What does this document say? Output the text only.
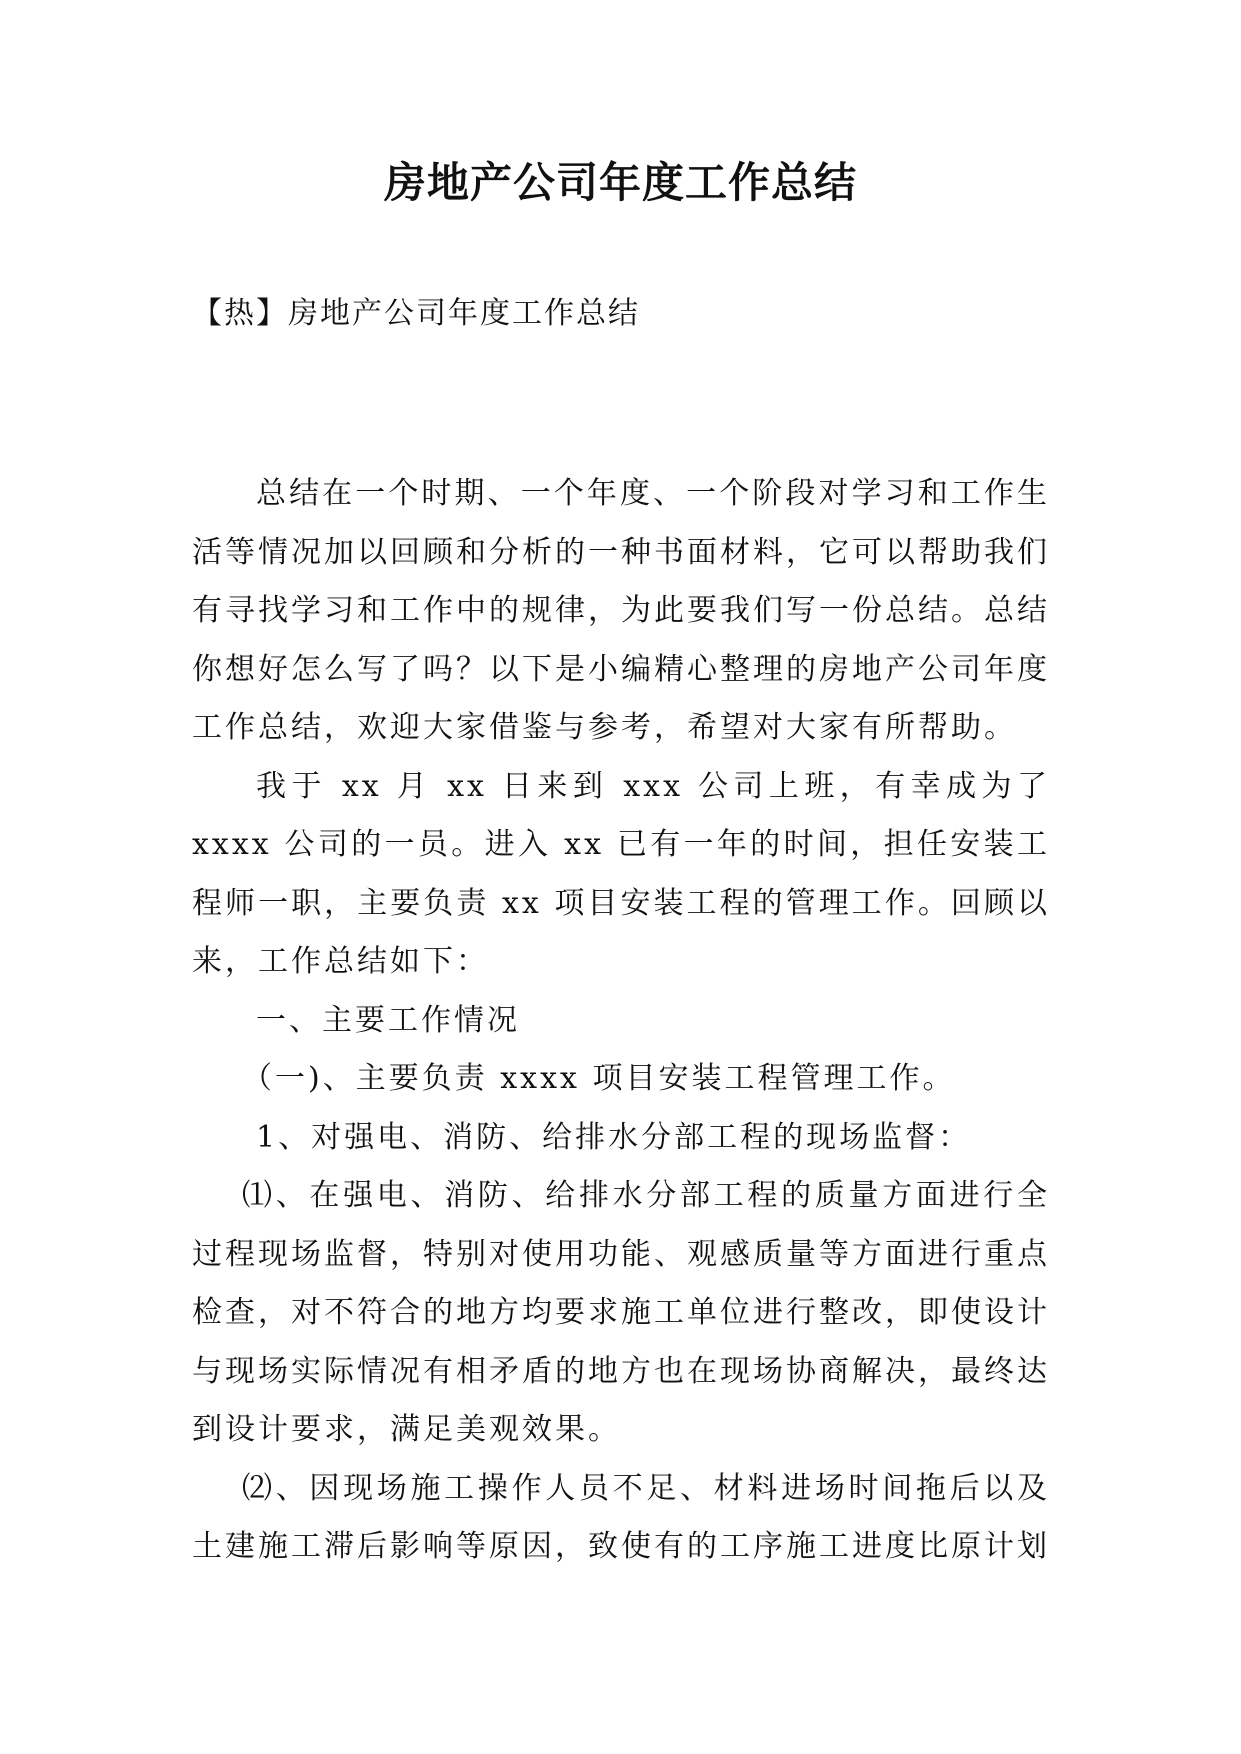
房地产公司年度工作总结
【热】房地产公司年度工作总结

总结在一个时期、一个年度、一个阶段对学习和工作生活等情况加以回顾和分析的一种书面材料，它可以帮助我们有寻找学习和工作中的规律，为此要我们写一份总结。总结你想好怎么写了吗？以下是小编精心整理的房地产公司年度工作总结，欢迎大家借鉴与参考，希望对大家有所帮助。

我于 xx 月 xx 日来到 xxx 公司上班，有幸成为了 xxxx 公司的一员。进入 xx 已有一年的时间，担任安装工程师一职，主要负责 xx 项目安装工程的管理工作。回顾以来，工作总结如下：

一、主要工作情况

（一)、主要负责 xxxx 项目安装工程管理工作。

1、对强电、消防、给排水分部工程的现场监督：

⑴、在强电、消防、给排水分部工程的质量方面进行全过程现场监督，特别对使用功能、观感质量等方面进行重点检查，对不符合的地方均要求施工单位进行整改，即使设计与现场实际情况有相矛盾的地方也在现场协商解决，最终达到设计要求，满足美观效果。

⑵、因现场施工操作人员不足、材料进场时间拖后以及土建施工滞后影响等原因，致使有的工序施工进度比原计划
